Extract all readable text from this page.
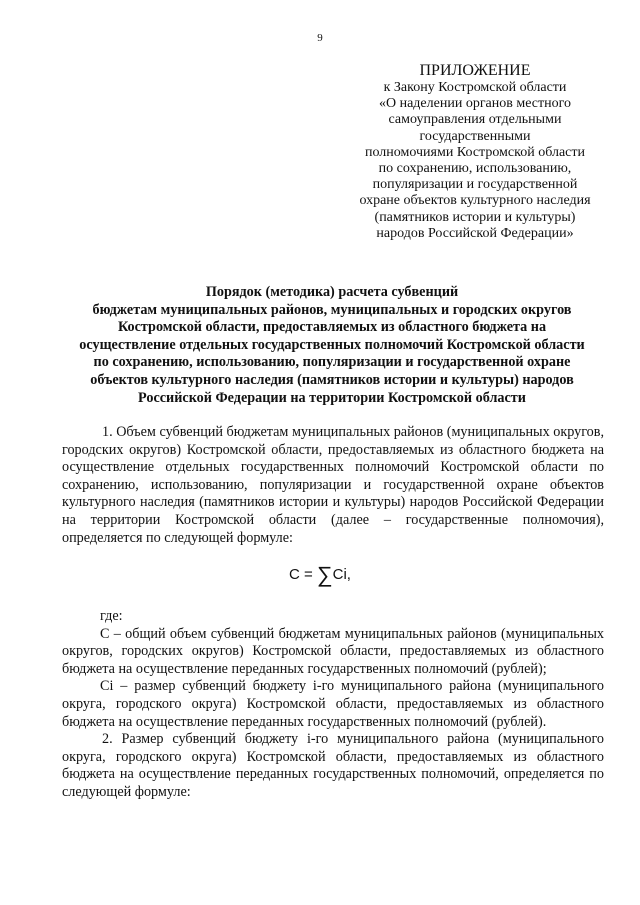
9
ПРИЛОЖЕНИЕ
к Закону Костромской области
«О наделении органов местного
самоуправления отдельными
государственными
полномочиями Костромской области
по сохранению, использованию,
популяризации и государственной
охране объектов культурного наследия
(памятников истории и культуры)
народов Российской Федерации»
Порядок (методика) расчета субвенций
бюджетам муниципальных районов, муниципальных и городских округов
Костромской области, предоставляемых из областного бюджета на
осуществление отдельных государственных полномочий Костромской области
по сохранению, использованию, популяризации и государственной охране
объектов культурного наследия (памятников истории и культуры) народов
Российской Федерации на территории Костромской области

1. Объем субвенций бюджетам муниципальных районов (муниципальных округов, городских округов) Костромской области, предоставляемых из областного бюджета на осуществление отдельных государственных полномочий Костромской области по сохранению, использованию, популяризации и государственной охране объектов культурного наследия (памятников истории и культуры) народов Российской Федерации на территории Костромской области (далее – государственные полномочия), определяется по следующей формуле:

С = ∑Ci,

где:

С – общий объем субвенций бюджетам муниципальных районов (муниципальных округов, городских округов) Костромской области, предоставляемых из областного бюджета на осуществление переданных государственных полномочий (рублей);

Ci – размер субвенций бюджету i-го муниципального района (муниципального округа, городского округа) Костромской области, предоставляемых из областного бюджета на осуществление переданных государственных полномочий (рублей).

2. Размер субвенций бюджету i-го муниципального района (муниципального округа, городского округа) Костромской области, предоставляемых из областного бюджета на осуществление переданных государственных полномочий, определяется по следующей формуле:
